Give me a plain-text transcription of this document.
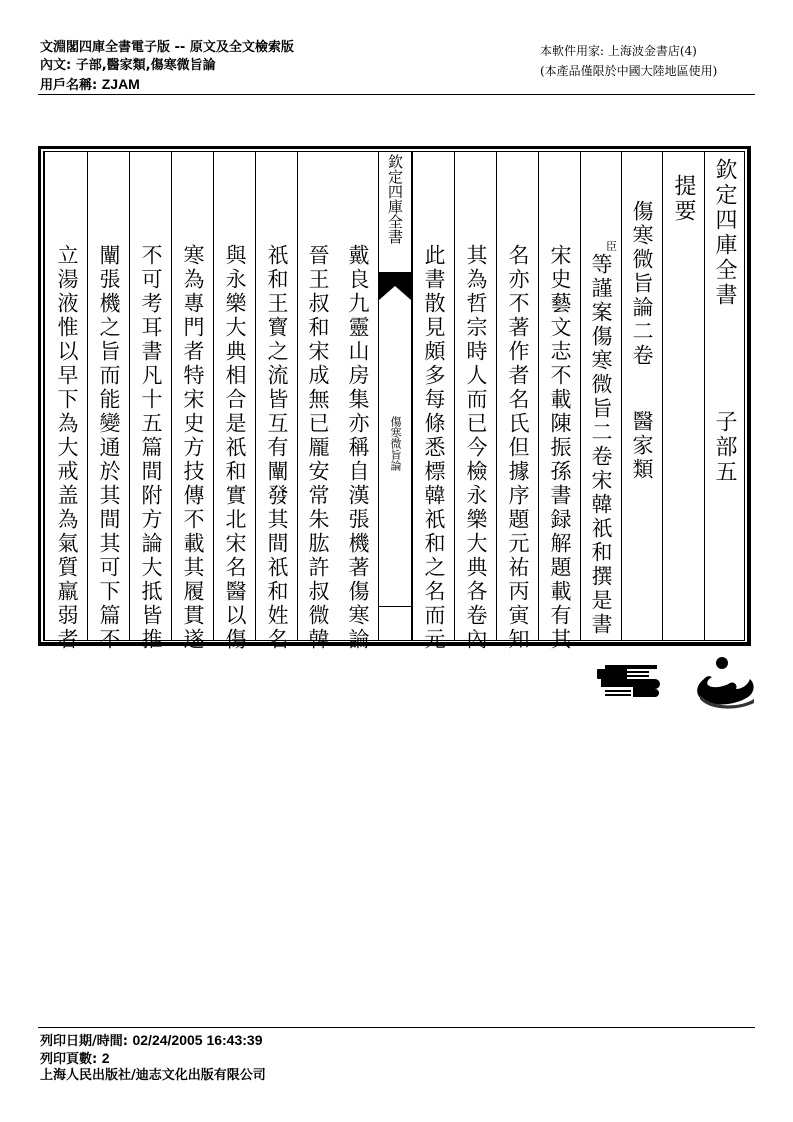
文淵閣四庫全書電子版 -- 原文及全文檢索版
內文: 子部,醫家類,傷寒微旨論
用戶名稱: ZJAM
本軟件用家: 上海波金書店(4)
(本產品僅限於中國大陸地區使用)
欽定四庫全書
子部五
提要
傷寒微旨論二卷
醫家類
臣
等謹案傷寒微旨二卷宋韓祇和撰是書
宋史藝文志不載陳振孫書録解題載有其
名亦不著作者名氏但據序題元祐丙寅知
其為哲宗時人而已今檢永樂大典各卷內
此書散見頗多每條悉標韓祇和之名而元
欽定四庫全書
傷寒微旨論
戴良九靈山房集亦稱自漢張機著傷寒論
晉王叔和宋成無已龎安常朱肱許叔微韓
祇和王寳之流皆互有闡發其間祇和姓名
與永樂大典相合是祇和實北宋名醫以傷
寒為專門者特宋史方技傳不載其履貫遂
不可考耳書凡十五篇間附方論大抵皆推
闡張機之旨而能變通於其間其可下篇不
立湯液惟以早下為大戒盖為氣質羸弱者
列印日期/時間: 02/24/2005 16:43:39
列印頁數: 2
上海人民出版社/迪志文化出版有限公司
